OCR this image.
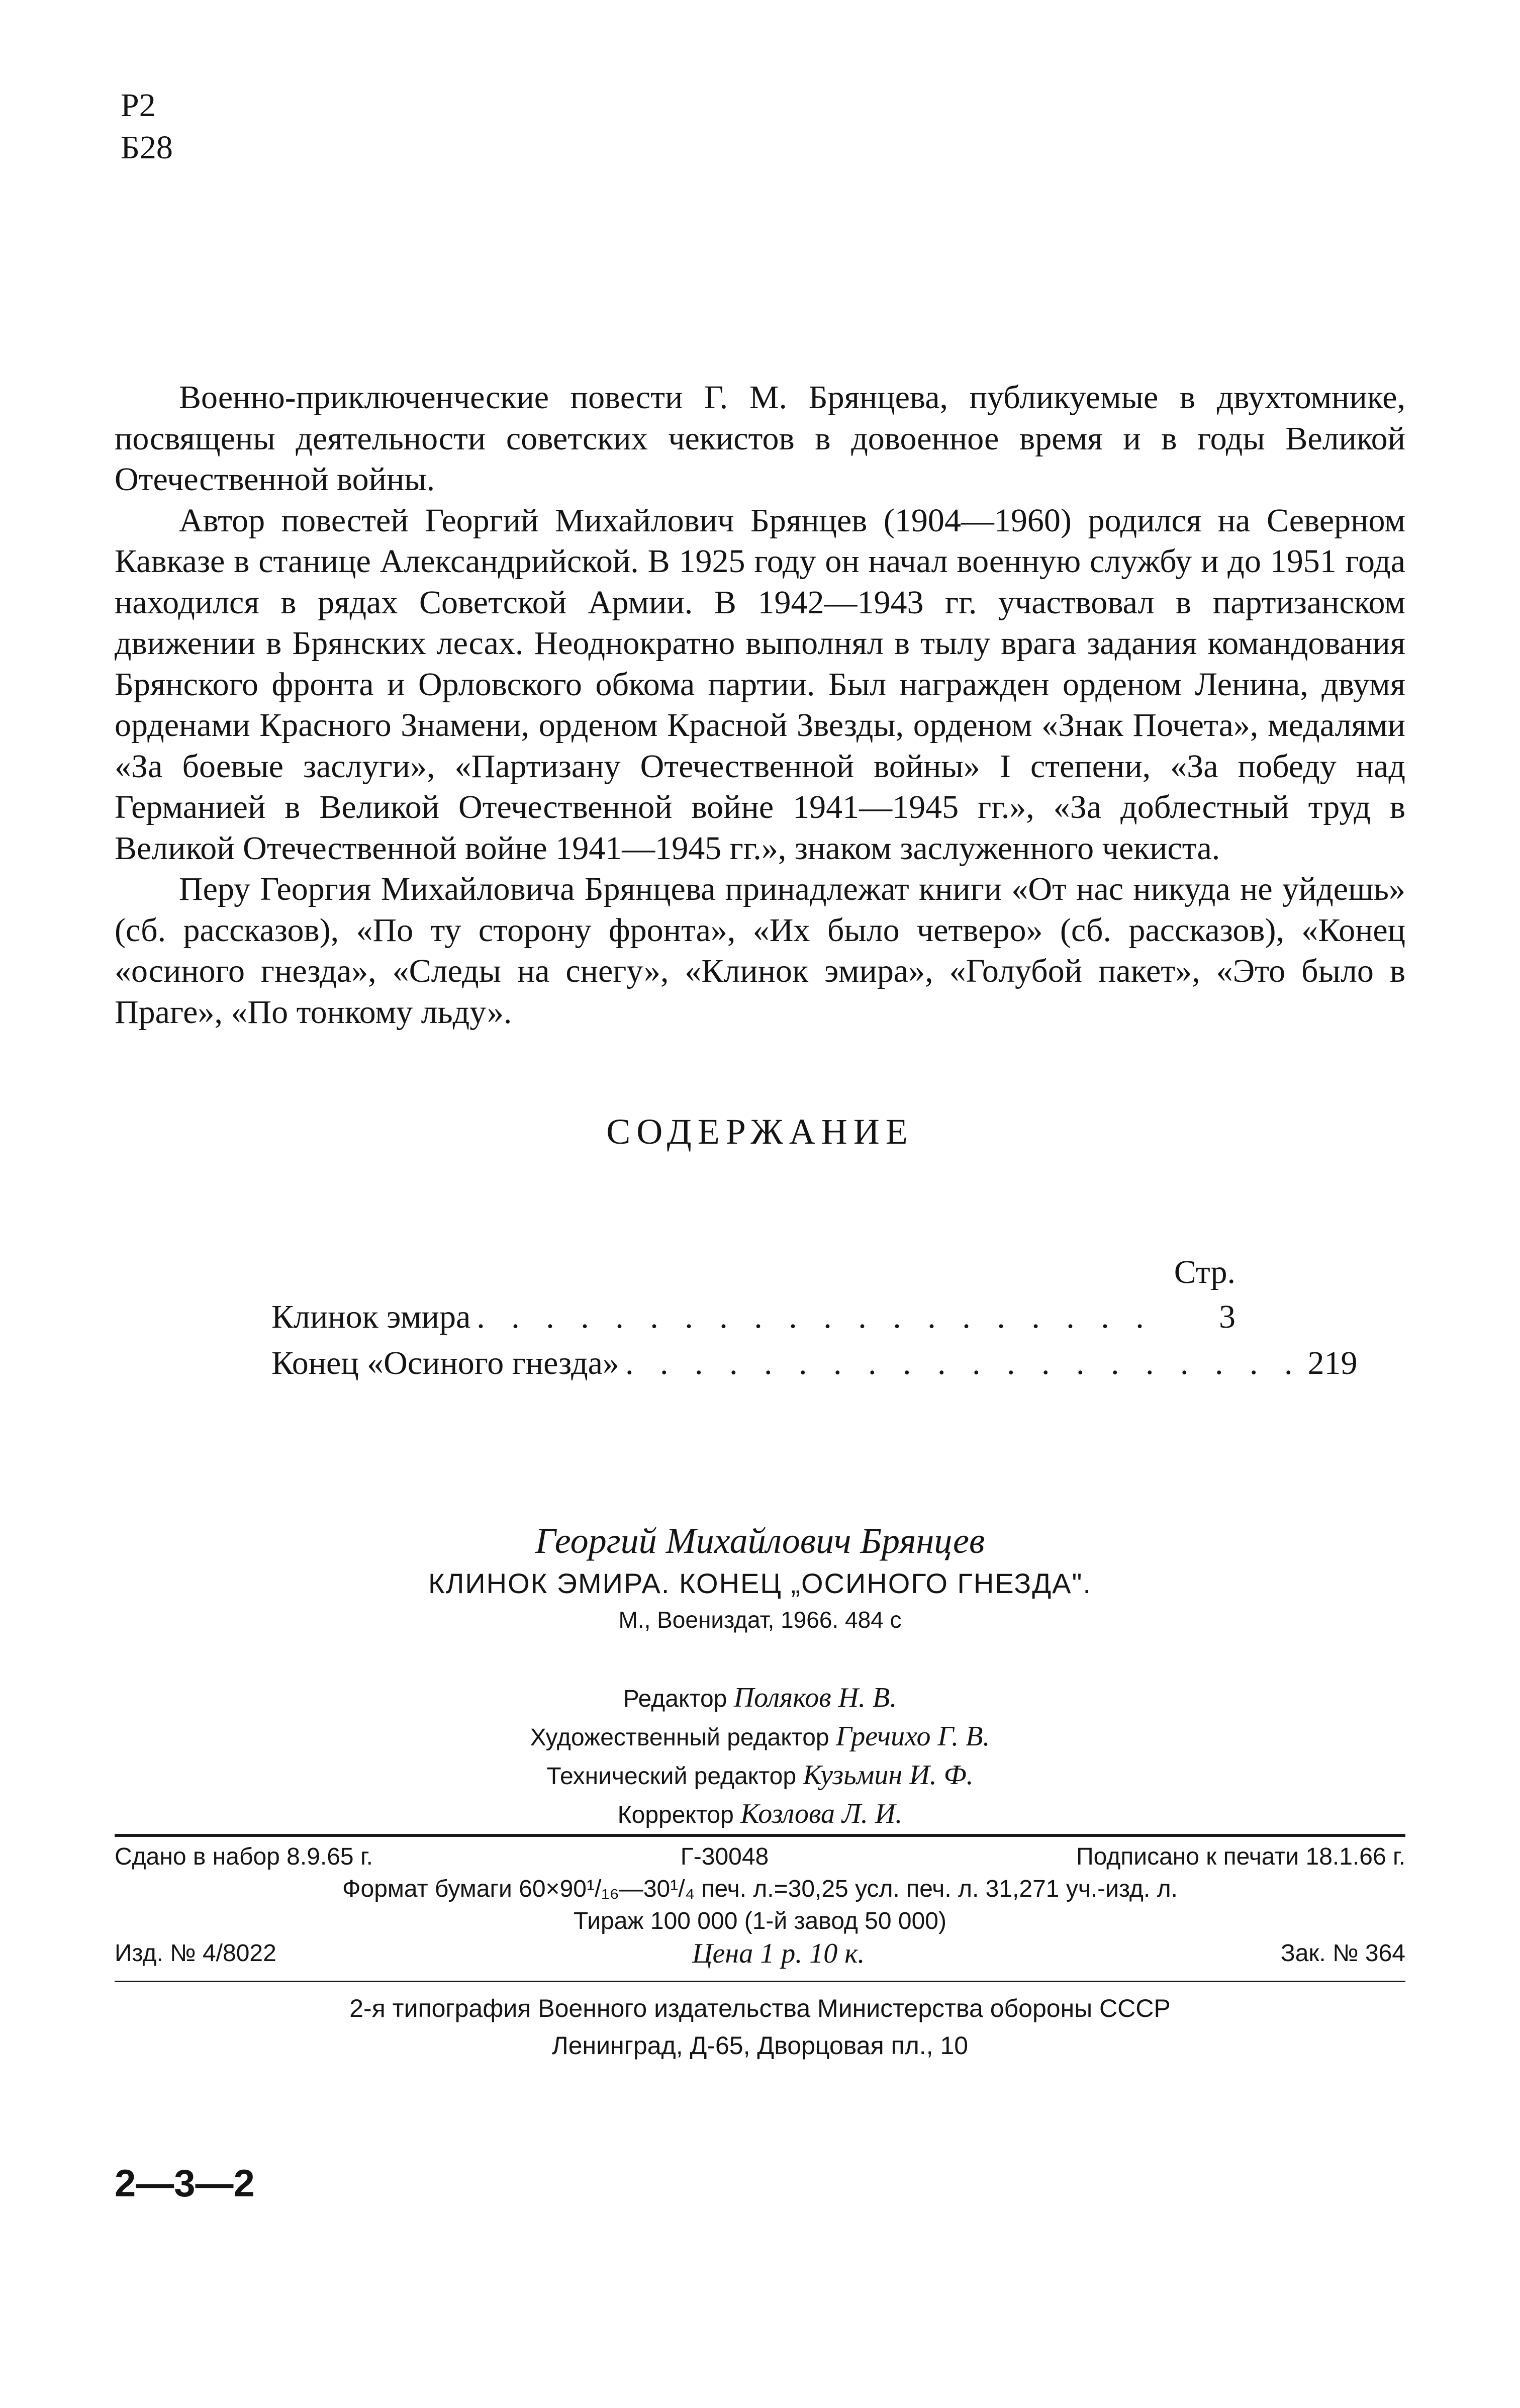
Р2
Б28

Военно-приключенческие повести Г. М. Брянцева, публикуемые в двухтомнике, посвящены деятельности советских чекистов в довоенное время и в годы Великой Отечественной войны.

Автор повестей Георгий Михайлович Брянцев (1904—1960) родился на Северном Кавказе в станице Александрийской. В 1925 году он начал военную службу и до 1951 года находился в рядах Советской Армии. В 1942—1943 гг. участвовал в партизанском движении в Брянских лесах. Неоднократно выполнял в тылу врага задания командования Брянского фронта и Орловского обкома партии. Был награжден орденом Ленина, двумя орденами Красного Знамени, орденом Красной Звезды, орденом «Знак Почета», медалями «За боевые заслуги», «Партизану Отечественной войны» I степени, «За победу над Германией в Великой Отечественной войне 1941—1945 гг.», «За доблестный труд в Великой Отечественной войне 1941—1945 гг.», знаком заслуженного чекиста.

Перу Георгия Михайловича Брянцева принадлежат книги «От нас никуда не уйдешь» (сб. рассказов), «По ту сторону фронта», «Их было четверо» (сб. рассказов), «Конец «осиного гнезда», «Следы на снегу», «Клинок эмира», «Голубой пакет», «Это было в Праге», «По тонкому льду».

СОДЕРЖАНИЕ
Стр.
Клинок эмира . . . . . . . . . . . . . . . . . . . .	3
Конец «Осиного гнезда» . . . . . . . . . . . . . . . . . . . . 219
Георгий Михайлович Брянцев
КЛИНОК ЭМИРА. КОНЕЦ „ОСИНОГО ГНЕЗДА".
М., Воениздат, 1966. 484 с
Редактор Поляков Н. В.
Художественный редактор Гречихо Г. В.
Технический редактор Кузьмин И. Ф.
Корректор Козлова Л. И.
Сдано в набор 8.9.65 г.	Г-30048	Подписано к печати 18.1.66 г.
Формат бумаги 60×90¹/₁₆—30¹/₄ печ. л.=30,25 усл. печ. л. 31,271 уч.-изд. л.
Тираж 100 000 (1-й завод 50 000)
Изд. № 4/8022	Цена 1 р. 10 к.	Зак. № 364
2-я типография Военного издательства Министерства обороны СССР
Ленинград, Д-65, Дворцовая пл., 10
2—3—2
